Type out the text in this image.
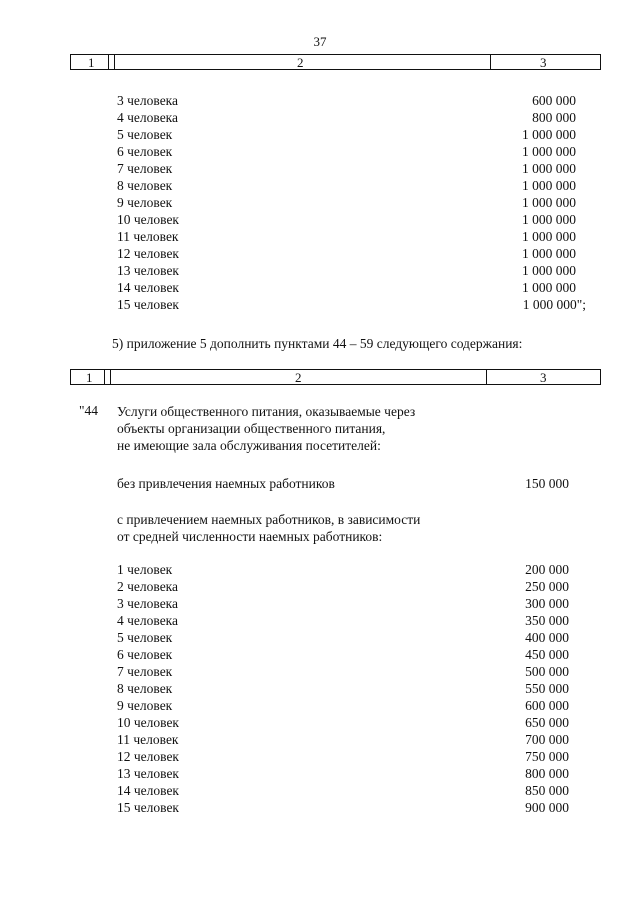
37
1	2	3
3 человека	600 000
4 человека	800 000
5 человек	1 000 000
6 человек	1 000 000
7 человек	1 000 000
8 человек	1 000 000
9 человек	1 000 000
10 человек	1 000 000
11 человек	1 000 000
12 человек	1 000 000
13 человек	1 000 000
14 человек	1 000 000
15 человек	1 000 000";
5) приложение 5 дополнить пунктами 44 – 59 следующего содержания:
1	2	3
"44 Услуги общественного питания, оказываемые через
объекты организации общественного питания,
не имеющие зала обслуживания посетителей:
без привлечения наемных работников	150 000
с привлечением наемных работников, в зависимости
от средней численности наемных работников:
1 человек	200 000
2 человека	250 000
3 человека	300 000
4 человека	350 000
5 человек	400 000
6 человек	450 000
7 человек	500 000
8 человек	550 000
9 человек	600 000
10 человек	650 000
11 человек	700 000
12 человек	750 000
13 человек	800 000
14 человек	850 000
15 человек	900 000
